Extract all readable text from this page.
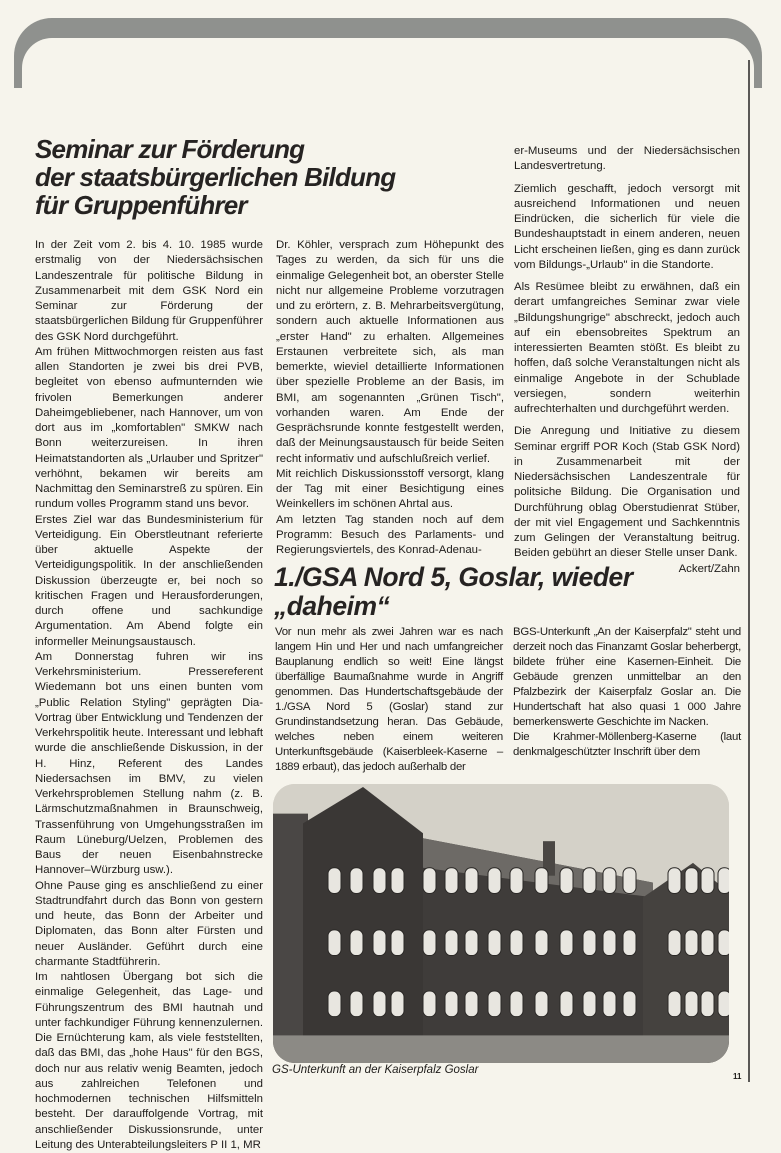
Seminar zur Förderung
der staatsbürgerlichen Bildung
für Gruppenführer

In der Zeit vom 2. bis 4. 10. 1985 wurde erstmalig von der Niedersächsischen Landeszentrale für politische Bildung in Zusammenarbeit mit dem GSK Nord ein Seminar zur Förderung der staatsbürgerlichen Bildung für Gruppenführer des GSK Nord durchgeführt.

Am frühen Mittwochmorgen reisten aus fast allen Standorten je zwei bis drei PVB, begleitet von ebenso aufmunternden wie frivolen Bemerkungen anderer Daheimgebliebener, nach Hannover, um von dort aus im „komfortablen" SMKW nach Bonn weiterzureisen. In ihren Heimatstandorten als „Urlauber und Spritzer" verhöhnt, bekamen wir bereits am Nachmittag den Seminarstreß zu spüren. Ein rundum volles Programm stand uns bevor.

Erstes Ziel war das Bundesministerium für Verteidigung. Ein Oberstleutnant referierte über aktuelle Aspekte der Verteidigungspolitik. In der anschließenden Diskussion überzeugte er, bei noch so kritischen Fragen und Herausforderungen, durch offene und sachkundige Argumentation. Am Abend folgte ein informeller Meinungsaustausch.

Am Donnerstag fuhren wir ins Verkehrsministerium. Pressereferent Wiedemann bot uns einen bunten vom „Public Relation Styling" geprägten Dia-Vortrag über Entwicklung und Tendenzen der Verkehrspolitik heute. Interessant und lebhaft wurde die anschließende Diskussion, in der H. Hinz, Referent des Landes Niedersachsen im BMV, zu vielen Verkehrsproblemen Stellung nahm (z. B. Lärmschutzmaßnahmen in Braunschweig, Trassenführung von Umgehungsstraßen im Raum Lüneburg/Uelzen, Problemen des Baus der neuen Eisenbahnstrecke Hannover–Würzburg usw.).

Ohne Pause ging es anschließend zu einer Stadtrundfahrt durch das Bonn von gestern und heute, das Bonn der Arbeiter und Diplomaten, das Bonn alter Fürsten und neuer Ausländer. Geführt durch eine charmante Stadtführerin.

Im nahtlosen Übergang bot sich die einmalige Gelegenheit, das Lage- und Führungszentrum des BMI hautnah und unter fachkundiger Führung kennenzulernen. Die Ernüchterung kam, als viele feststellten, daß das BMI, das „hohe Haus" für den BGS, doch nur aus relativ wenig Beamten, jedoch aus zahlreichen Telefonen und hochmodernen technischen Hilfsmitteln besteht. Der darauffolgende Vortrag, mit anschließender Diskussionsrunde, unter Leitung des Unterabteilungsleiters P II 1, MR

Dr. Köhler, versprach zum Höhepunkt des Tages zu werden, da sich für uns die einmalige Gelegenheit bot, an oberster Stelle nicht nur allgemeine Probleme vorzutragen und zu erörtern, z. B. Mehrarbeitsvergütung, sondern auch aktuelle Informationen aus „erster Hand" zu erhalten. Allgemeines Erstaunen verbreitete sich, als man bemerkte, wieviel detaillierte Informationen über spezielle Probleme an der Basis, im BMI, am sogenannten „Grünen Tisch", vorhanden waren. Am Ende der Gesprächsrunde konnte festgestellt werden, daß der Meinungsaustausch für beide Seiten recht informativ und aufschlußreich verlief.

Mit reichlich Diskussionsstoff versorgt, klang der Tag mit einer Besichtigung eines Weinkellers im schönen Ahrtal aus.

Am letzten Tag standen noch auf dem Programm: Besuch des Parlaments- und Regierungsviertels, des Konrad-Adenau-

er-Museums und der Niedersächsischen Landesvertretung.

Ziemlich geschafft, jedoch versorgt mit ausreichend Informationen und neuen Eindrücken, die sicherlich für viele die Bundeshauptstadt in einem anderen, neuen Licht erscheinen ließen, ging es dann zurück vom Bildungs-„Urlaub" in die Standorte.

Als Resümee bleibt zu erwähnen, daß ein derart umfangreiches Seminar zwar viele „Bildungshungrige" abschreckt, jedoch auch auf ein ebensobreites Spektrum an interessierten Beamten stößt. Es bleibt zu hoffen, daß solche Veranstaltungen nicht als einmalige Angebote in der Schublade versiegen, sondern weiterhin aufrechterhalten und durchgeführt werden.

Die Anregung und Initiative zu diesem Seminar ergriff POR Koch (Stab GSK Nord) in Zusammenarbeit mit der Niedersächsischen Landeszentrale für politsiche Bildung. Die Organisation und Durchführung oblag Oberstudienrat Stüber, der mit viel Engagement und Sachkenntnis zum Gelingen der Veranstaltung beitrug. Beiden gebührt an dieser Stelle unser Dank.

Ackert/Zahn

1./GSA Nord 5, Goslar, wieder
„daheim“

Vor nun mehr als zwei Jahren war es nach langem Hin und Her und nach umfangreicher Bauplanung endlich so weit! Eine längst überfällige Baumaßnahme wurde in Angriff genommen. Das Hundertschaftsgebäude der 1./GSA Nord 5 (Goslar) stand zur Grundinstandsetzung heran. Das Gebäude, welches neben einem weiteren Unterkunftsgebäude (Kaiserbleek-Kaserne – 1889 erbaut), das jedoch außerhalb der

BGS-Unterkunft „An der Kaiserpfalz" steht und derzeit noch das Finanzamt Goslar beherbergt, bildete früher eine Kasernen-Einheit. Die Gebäude grenzen unmittelbar an den Pfalzbezirk der Kaiserpfalz Goslar an. Die Hundertschaft hat also quasi 1 000 Jahre bemerkenswerte Geschichte im Nacken.

Die Krahmer-Möllenberg-Kaserne (laut denkmalgeschützter Inschrift über dem

GS-Unterkunft an der Kaiserpfalz Goslar
11
